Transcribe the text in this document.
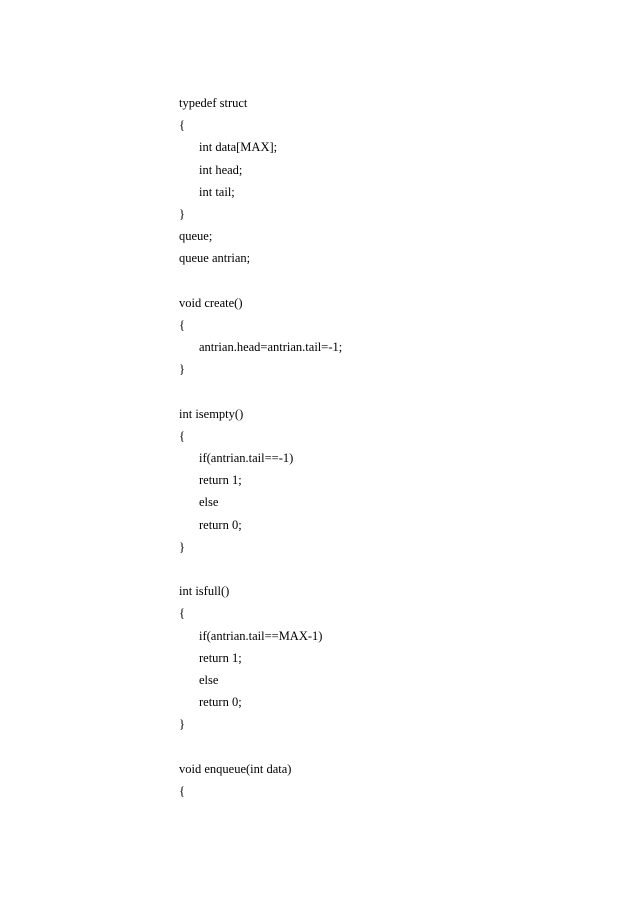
typedef struct
{
int data[MAX];
int head;
int tail;
}
queue;
queue antrian;
void create()
{
antrian.head=antrian.tail=-1;
}
int isempty()
{
if(antrian.tail==-1)
return 1;
else
return 0;
}
int isfull()
{
if(antrian.tail==MAX-1)
return 1;
else
return 0;
}
void enqueue(int data)
{
